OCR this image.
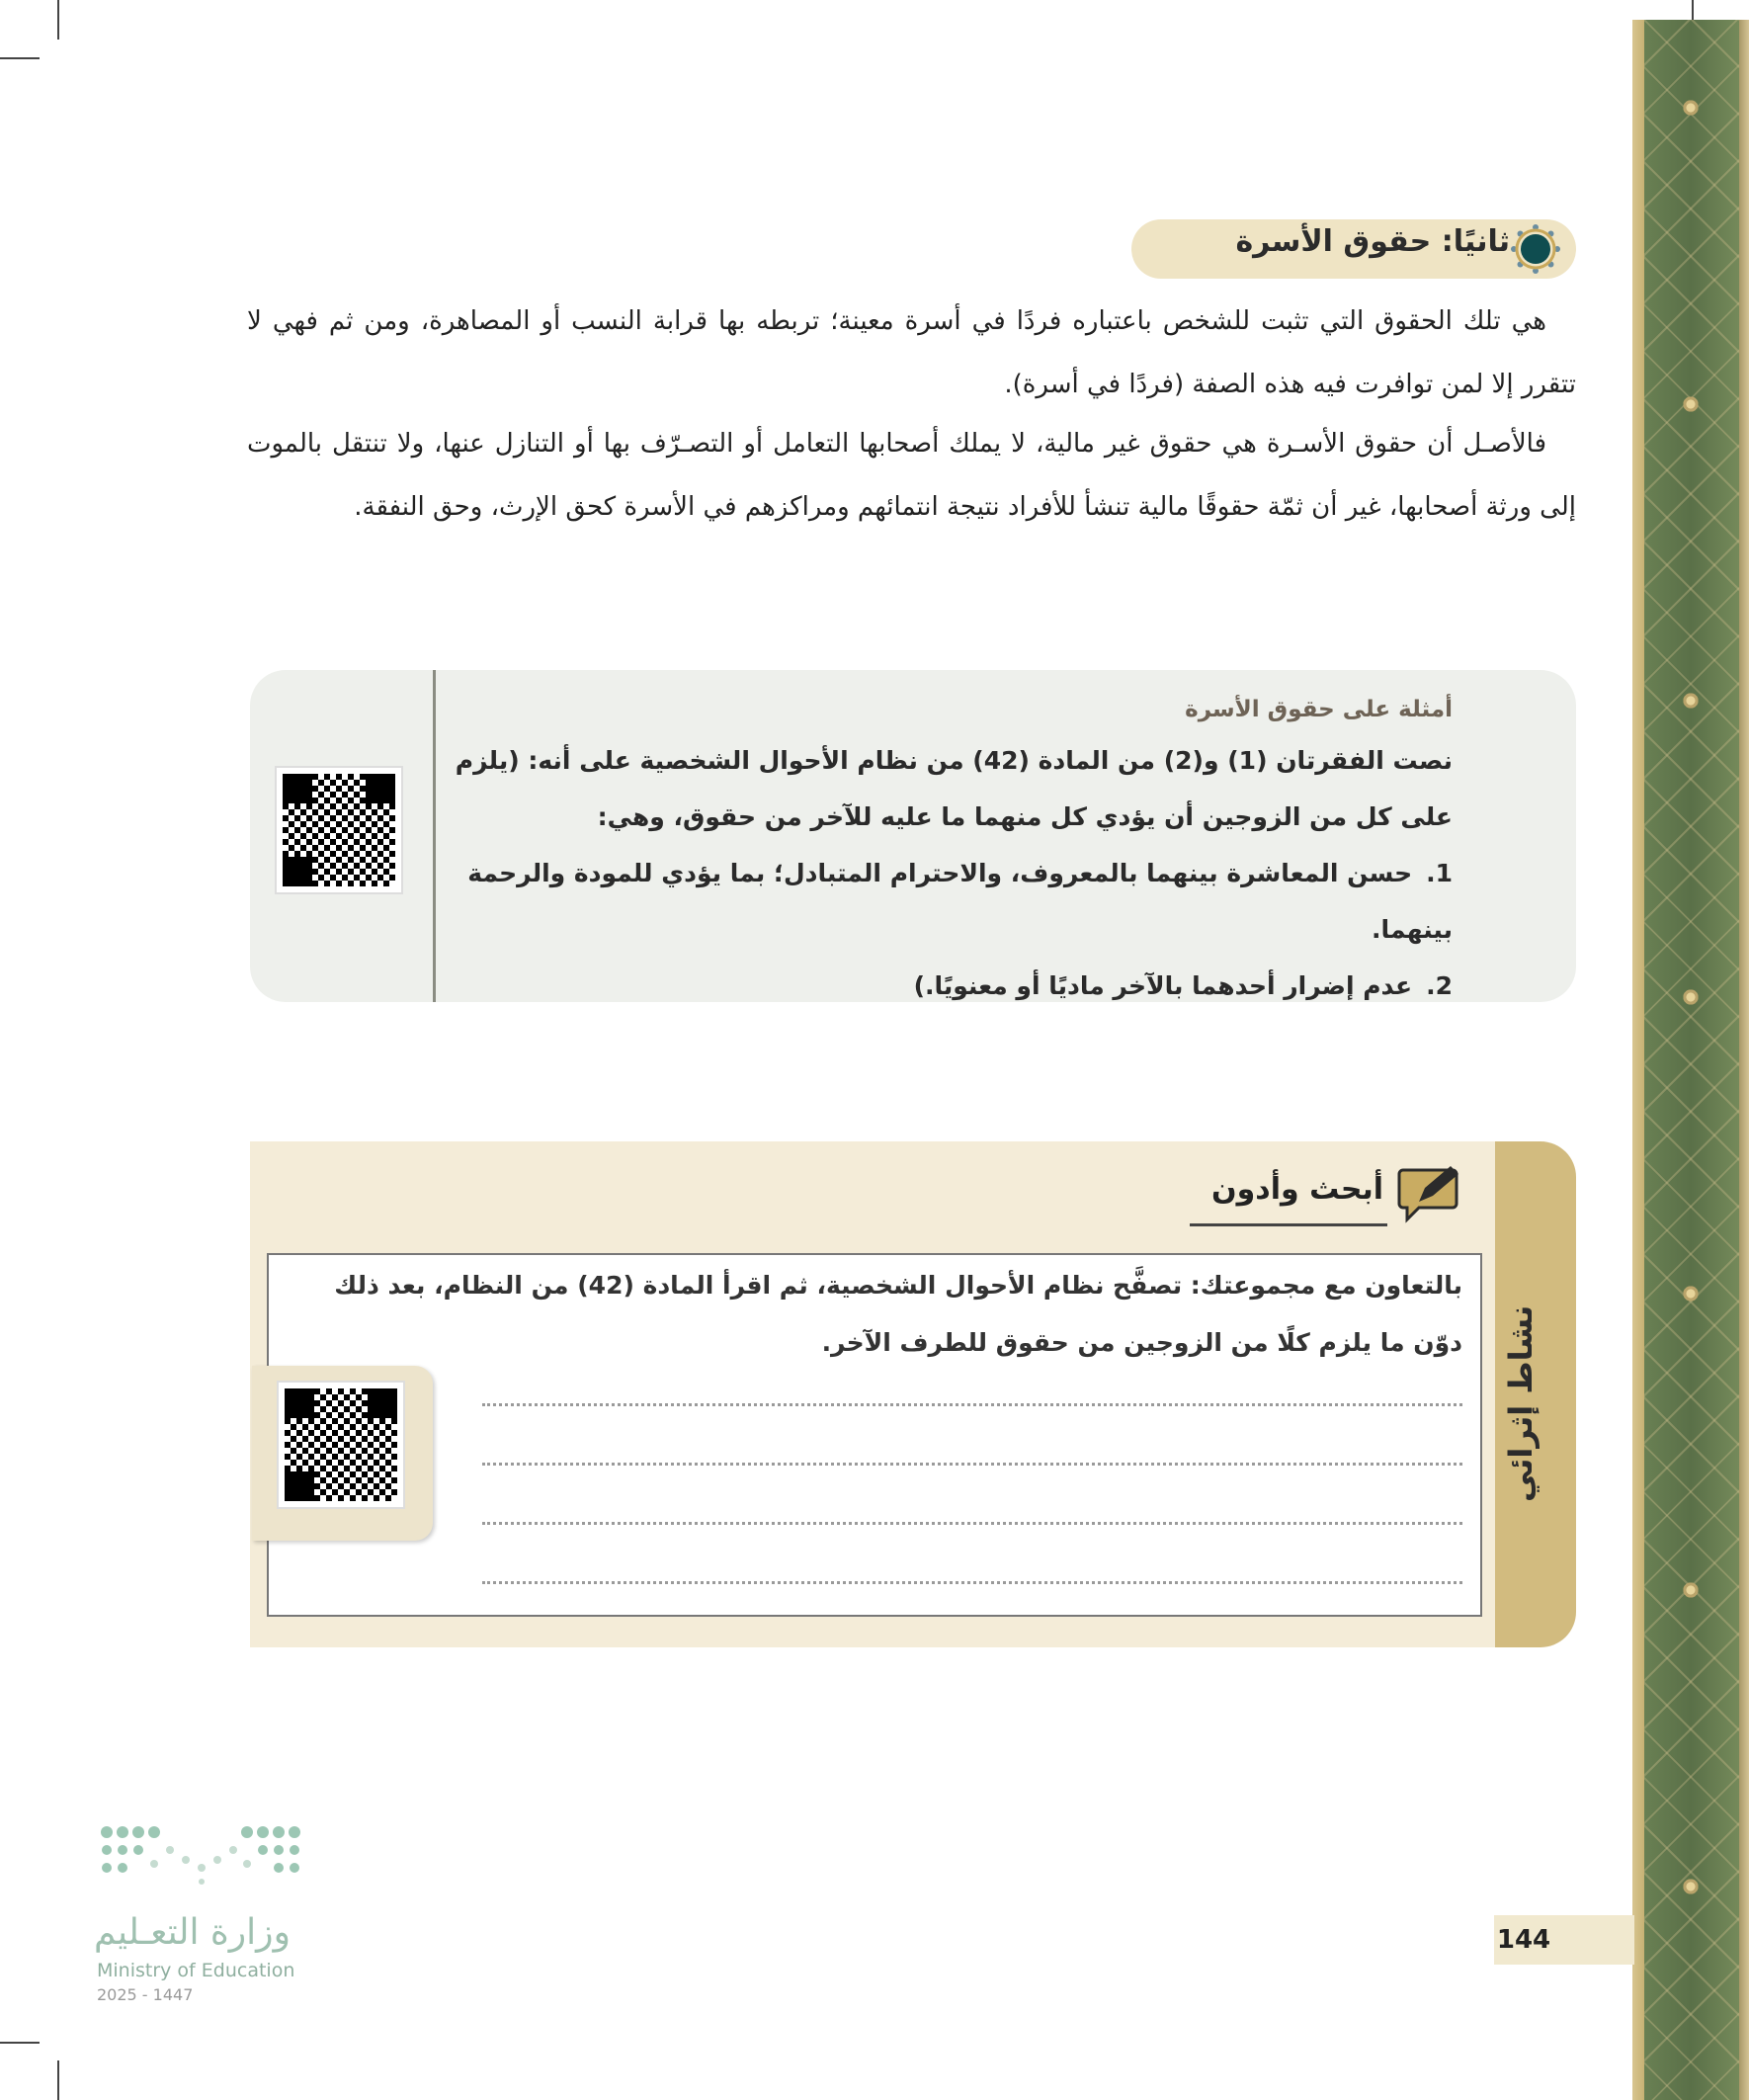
ثانيًا: حقوق الأسرة

هي تلك الحقوق التي تثبت للشخص باعتباره فردًا في أسرة معينة؛ تربطه بها قرابة النسب أو المصاهرة، ومن ثم فهي لا تتقرر إلا لمن توافرت فيه هذه الصفة (فردًا في أسرة).

فالأصـل أن حقوق الأسـرة هي حقوق غير مالية، لا يملك أصحابها التعامل أو التصـرّف بها أو التنازل عنها، ولا تنتقل بالموت إلى ورثة أصحابها، غير أن ثمّة حقوقًا مالية تنشأ للأفراد نتيجة انتمائهم ومراكزهم في الأسرة كحق الإرث، وحق النفقة.

أمثلة على حقوق الأسرة
نصت الفقرتان (1) و(2) من المادة (42) من نظام الأحوال الشخصية على أنه: (يلزم على كل من الزوجين أن يؤدي كل منهما ما عليه للآخر من حقوق، وهي:
1.حسن المعاشرة بينهما بالمعروف، والاحترام المتبادل؛ بما يؤدي للمودة والرحمة بينهما.
2.عدم إضرار أحدهما بالآخر ماديًا أو معنويًا.)
نشاط إثرائي
أبحث وأدون
بالتعاون مع مجموعتك: تصفَّح نظام الأحوال الشخصية، ثم اقرأ المادة (42) من النظام، بعد ذلك دوّن ما يلزم كلًا من الزوجين من حقوق للطرف الآخر.
144
وزارة التعـليم
Ministry of Education
2025 - 1447
